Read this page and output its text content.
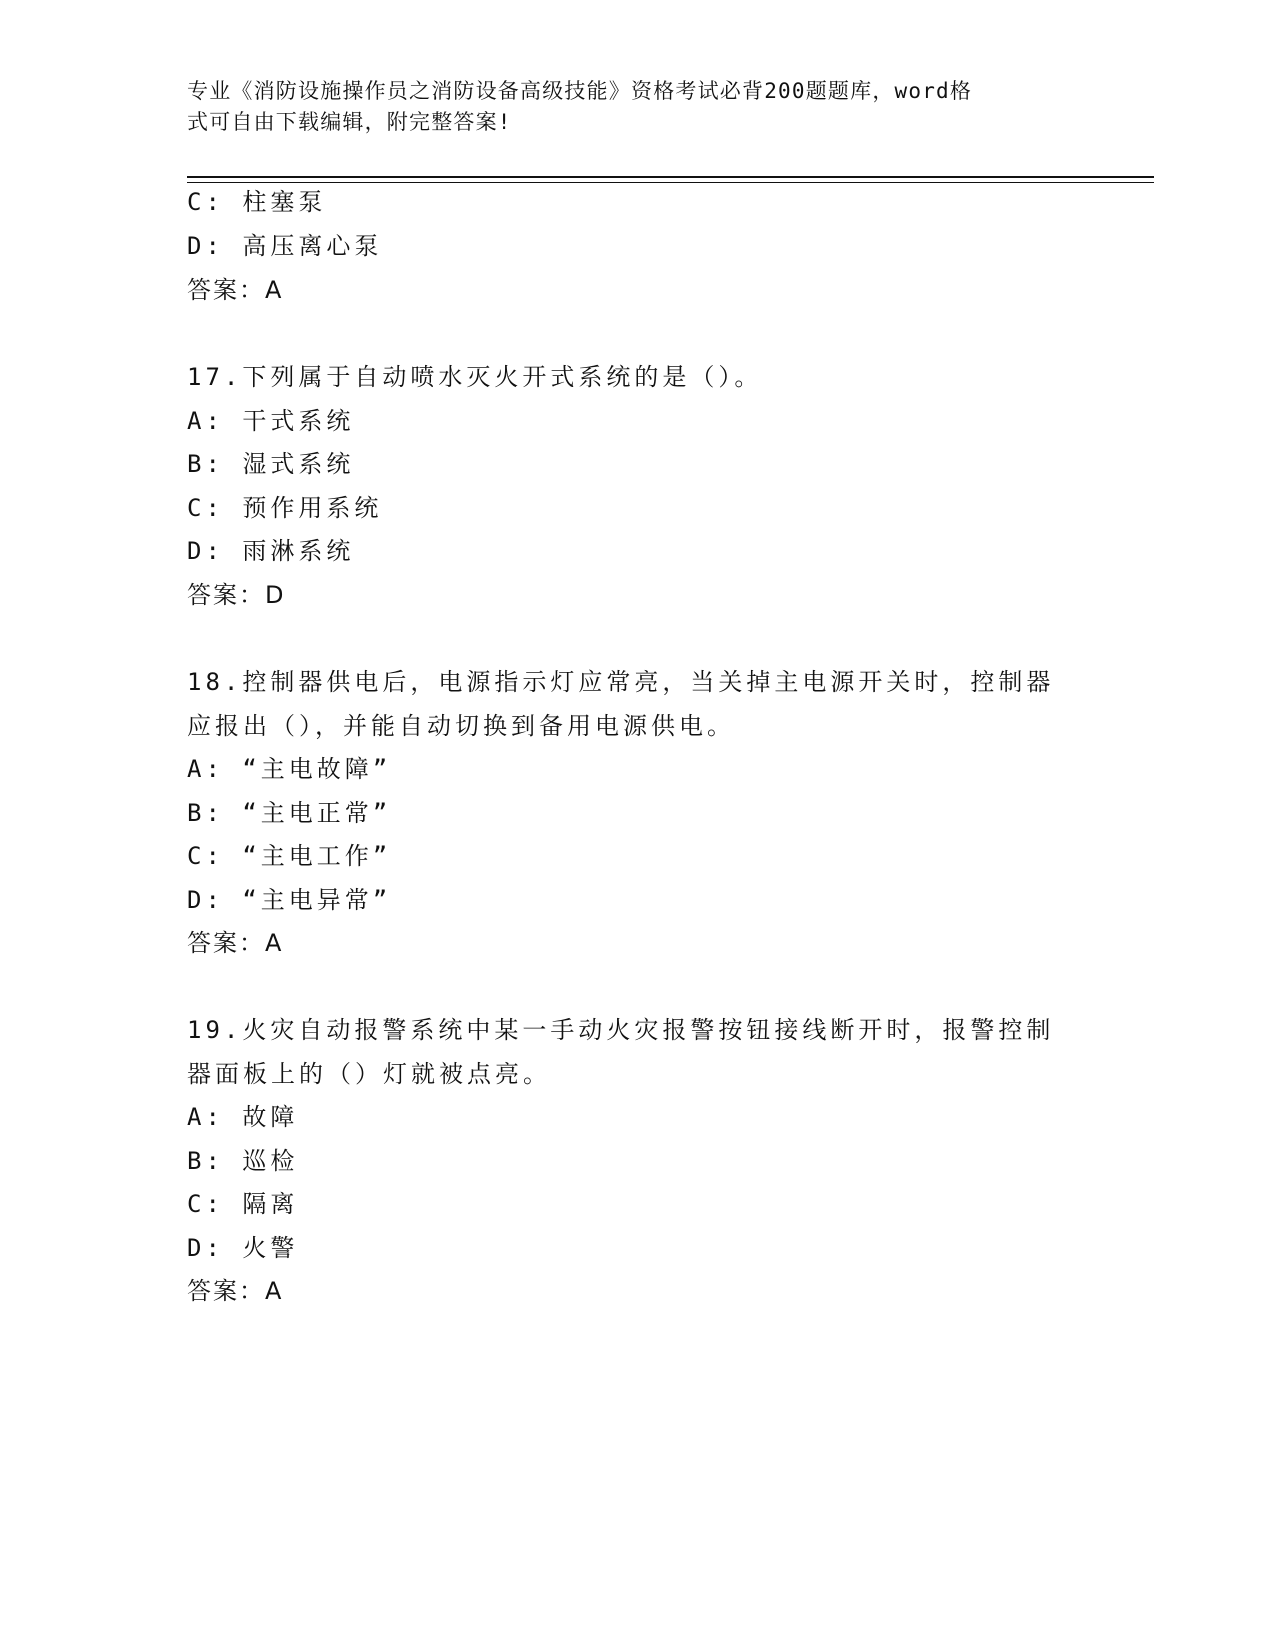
专业《消防设施操作员之消防设备高级技能》资格考试必背200题题库，word格
式可自由下载编辑，附完整答案!
C: 柱塞泵
D: 高压离心泵
答案：A
17.下列属于自动喷水灭火开式系统的是（）。
A: 干式系统
B: 湿式系统
C: 预作用系统
D: 雨淋系统
答案：D
18.控制器供电后，电源指示灯应常亮，当关掉主电源开关时，控制器
应报出（），并能自动切换到备用电源供电。
A: “主电故障”
B: “主电正常”
C: “主电工作”
D: “主电异常”
答案：A
19.火灾自动报警系统中某一手动火灾报警按钮接线断开时，报警控制
器面板上的（）灯就被点亮。
A: 故障
B: 巡检
C: 隔离
D: 火警
答案：A
